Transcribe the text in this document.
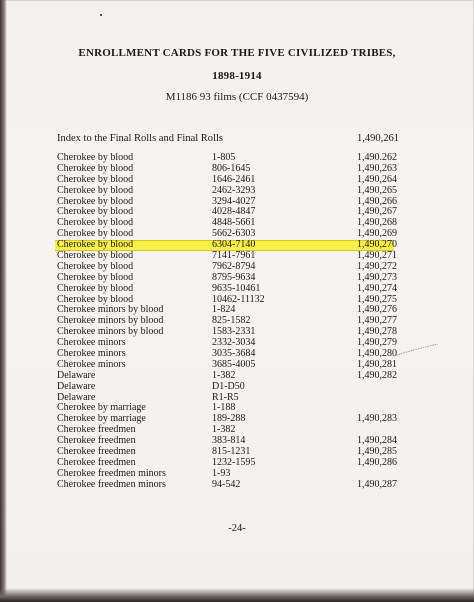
ENROLLMENT CARDS FOR THE FIVE CIVILIZED TRIBES,
1898-1914
M1186 93 films (CCF 0437594)
Index to the Final Rolls and Final Rolls	1,490,261
Cherokee by blood	1-805	1,490.262
Cherokee by blood	806-1645	1,490,263
Cherokee by blood	1646-2461	1,490,264
Cherokee by blood	2462-3293	1,490,265
Cherokee by blood	3294-4027	1,490,266
Cherokee by blood	4028-4847	1,490,267
Cherokee by blood	4848-5661	1,490,268
Cherokee by blood	5662-6303	1,490,269
Cherokee by blood	6304-7140	1,490,270
Cherokee by blood	7141-7961	1,490,271
Cherokee by blood	7962-8794	1,490,272
Cherokee by blood	8795-9634	1,490,273
Cherokee by blood	9635-10461	1,490,274
Cherokee by blood	10462-11132	1,490,275
Cherokee minors by blood	1-824	1,490,276
Cherokee minors by blood	825-1582	1,490,277
Cherokee minors by blood	1583-2331	1,490,278
Cherokee minors	2332-3034	1,490,279
Cherokee minors	3035-3684	1,490,280
Cherokee minors	3685-4005	1,490,281
Delaware	1-382	1,490,282
Delaware	D1-D50
Delaware	R1-R5
Cherokee by marriage	1-188
Cherokee by marriage	189-288	1,490,283
Cherokee freedmen	1-382
Cherokee freedmen	383-814	1,490,284
Cherokee freedmen	815-1231	1,490,285
Cherokee freedmen	1232-1595	1,490,286
Cherokee freedmen minors	1-93
Cherokee freedmen minors	94-542	1,490,287
-24-
